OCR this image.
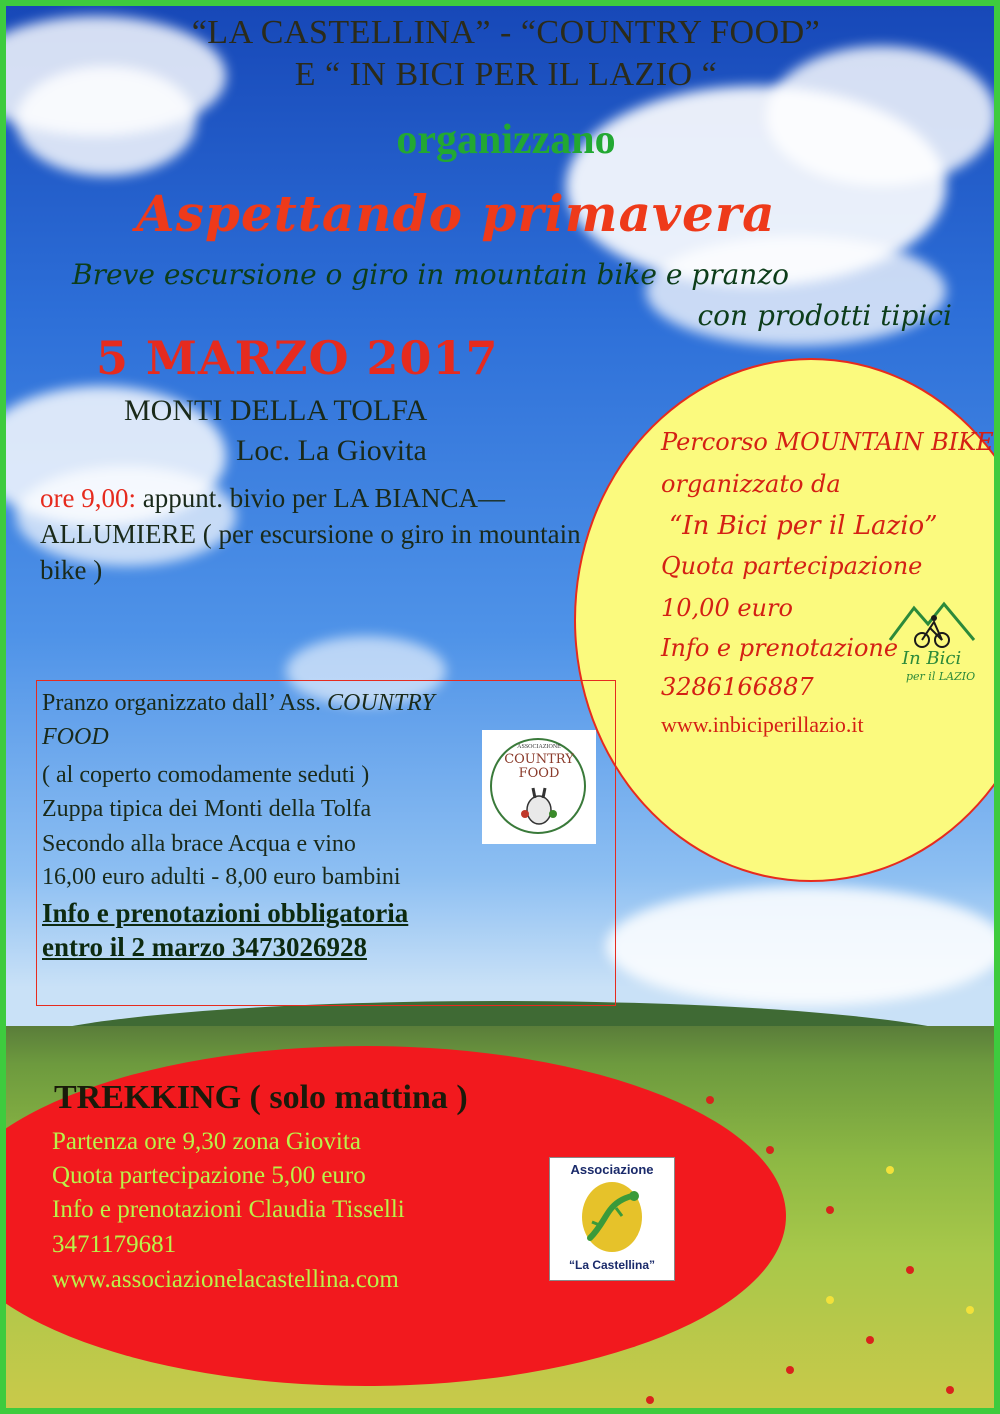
“LA CASTELLINA” - “COUNTRY FOOD”

E “ IN BICI PER IL LAZIO “

organizzano

Aspettando primavera

Breve escursione o giro in mountain bike e pranzo

con prodotti tipici

Percorso MOUNTAIN BIKE

organizzato da

“In Bici per il Lazio”

Quota partecipazione

10,00 euro

Info e prenotazione

3286166887

www.inbiciperillazio.it

In Bici
per il LAZIO

5 MARZO 2017

MONTI DELLA TOLFA

Loc. La Giovita

ore 9,00: appunt. bivio per LA BIANCA— ALLUMIERE ( per escursione o giro in mountain bike )

Pranzo organizzato dall’ Ass. COUNTRY

FOOD

( al coperto comodamente seduti )

Zuppa tipica dei Monti della Tolfa

Secondo alla brace Acqua e vino

16,00 euro adulti - 8,00 euro bambini

Info e prenotazioni obbligatoria

entro il 2 marzo 3473026928

ASSOCIAZIONE
COUNTRY
FOOD

TREKKING ( solo mattina )

Partenza ore 9,30 zona Giovita

Quota partecipazione 5,00 euro

Info e prenotazioni Claudia Tisselli

3471179681

www.associazionelacastellina.com

Associazione
“La Castellina”
